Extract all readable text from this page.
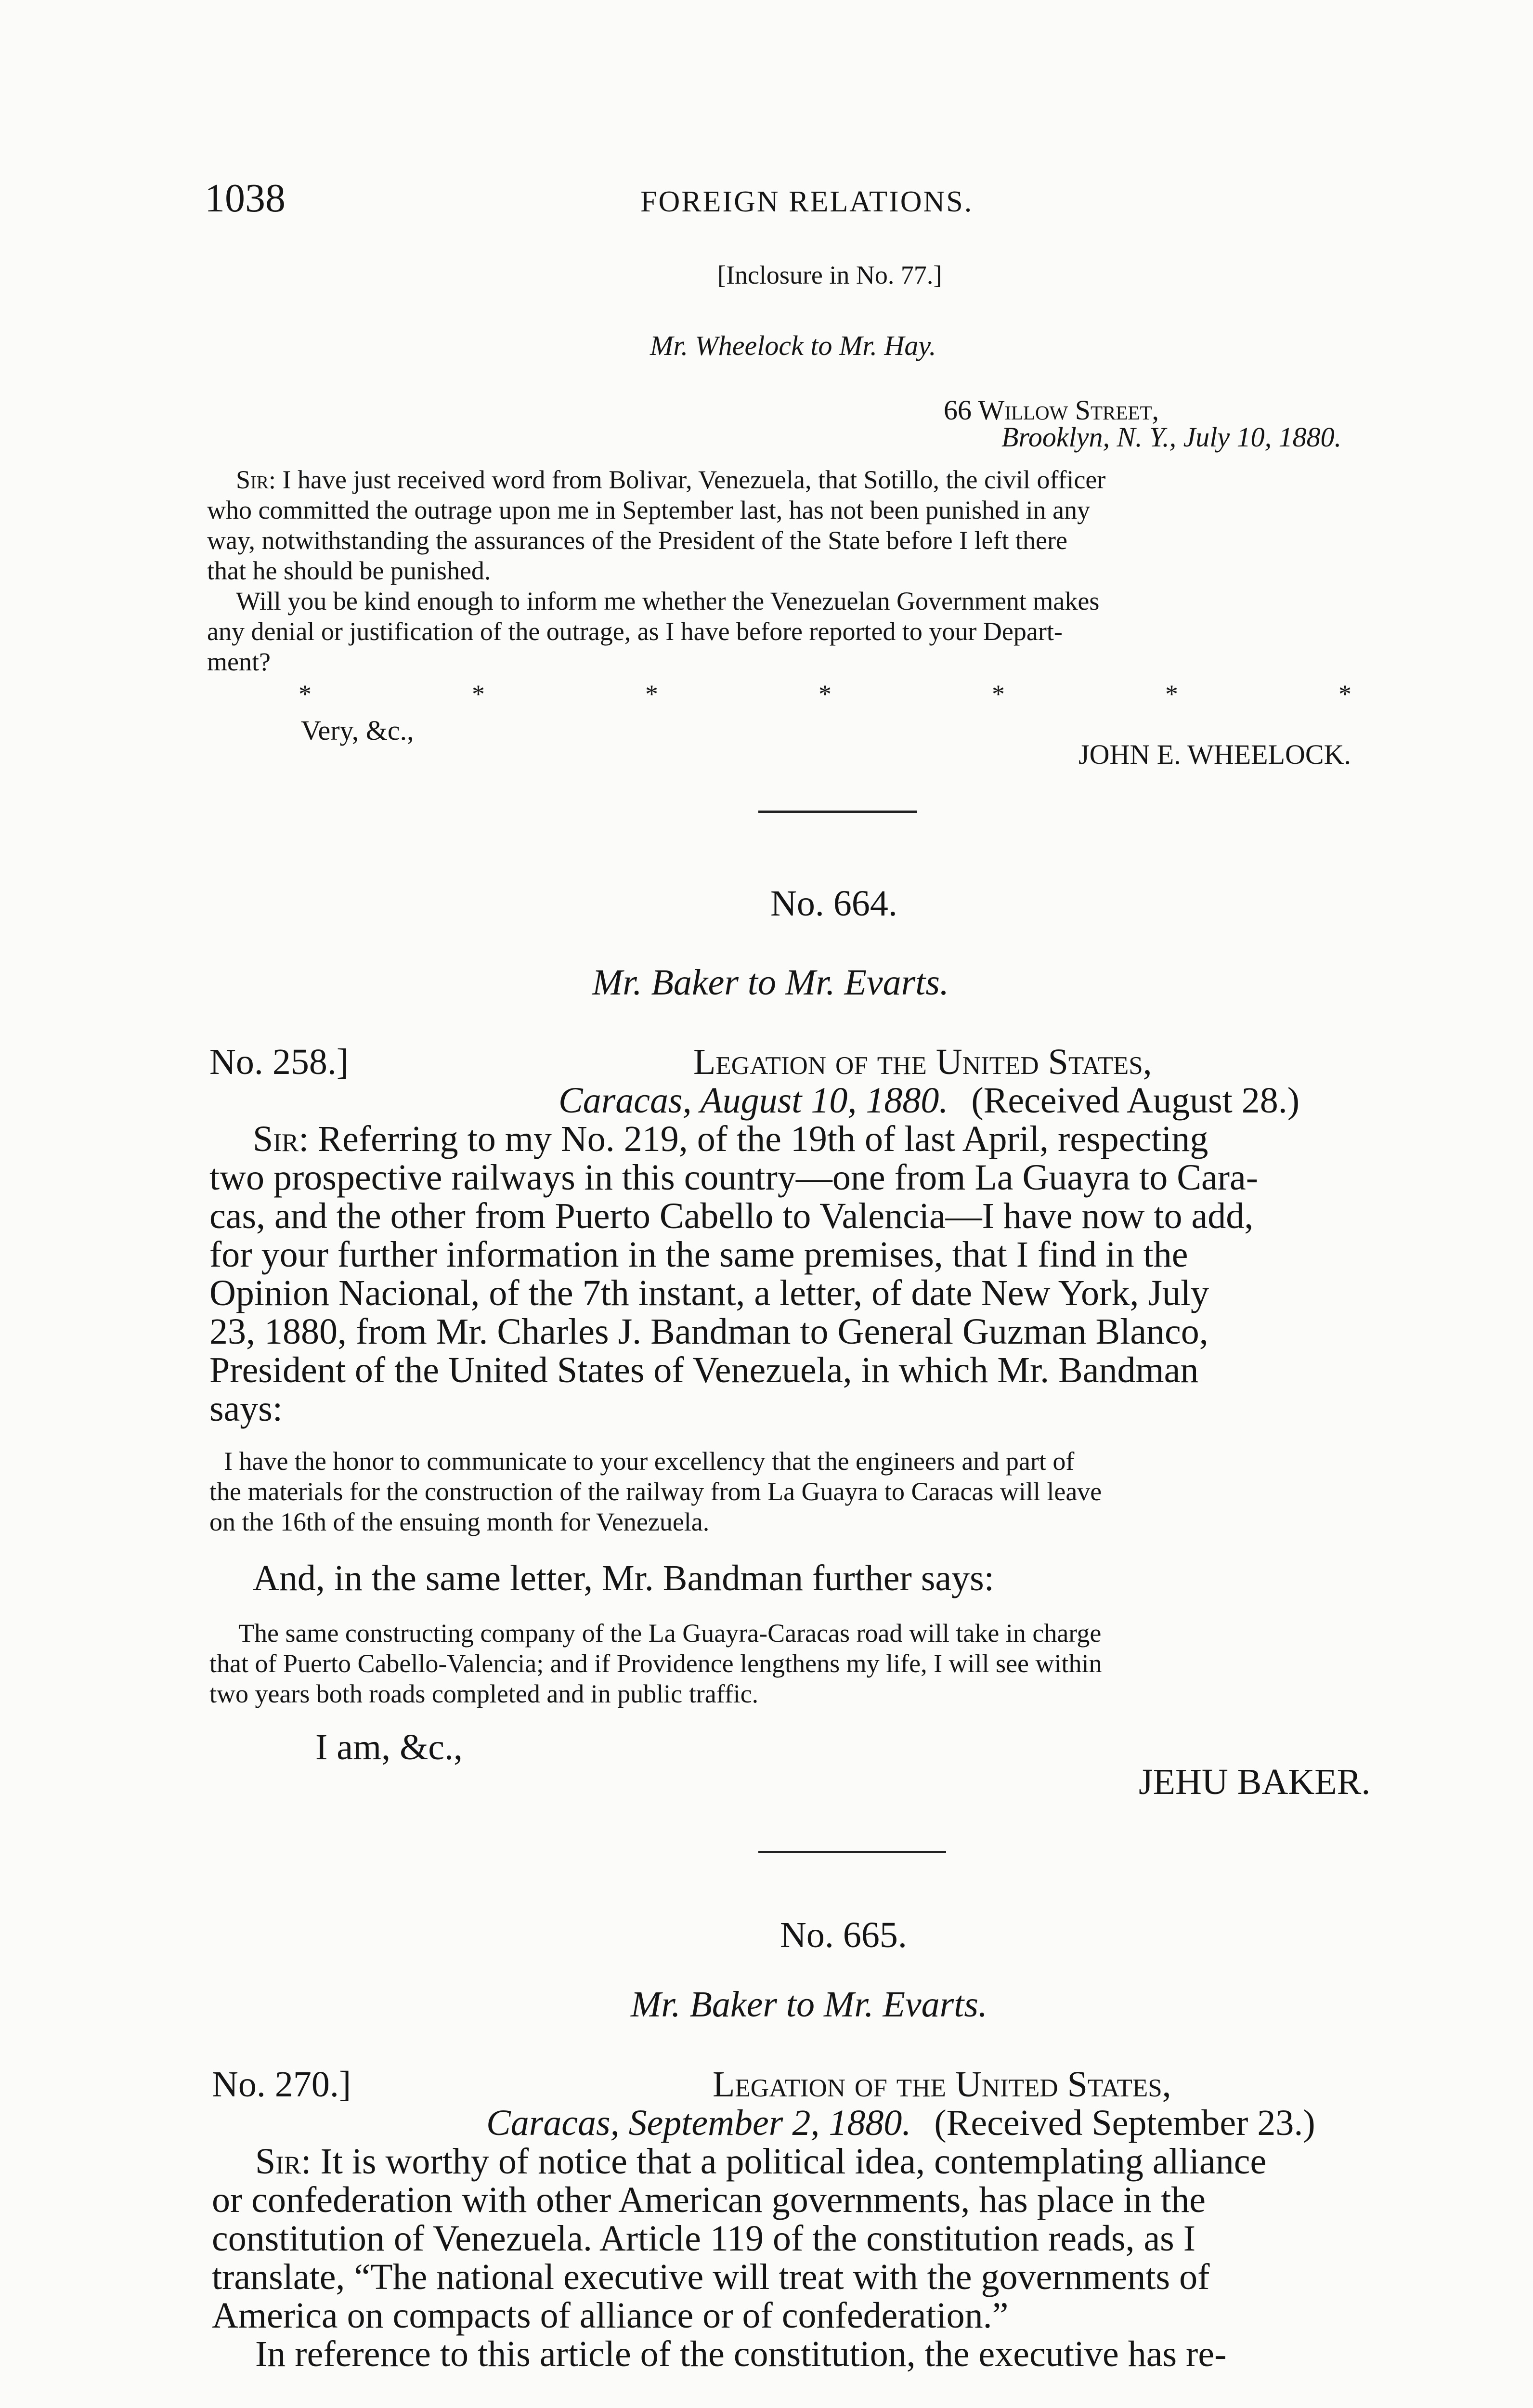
1038	FOREIGN RELATIONS.
[Inclosure in No. 77.]
Mr. Wheelock to Mr. Hay.
66 Willow Street,
Brooklyn, N. Y., July 10, 1880.
Sir: I have just received word from Bolivar, Venezuela, that Sotillo, the civil officer
who committed the outrage upon me in September last, has not been punished in any
way, notwithstanding the assurances of the President of the State before I left there
that he should be punished.
Will you be kind enough to inform me whether the Venezuelan Government makes
any denial or justification of the outrage, as I have before reported to your Depart-
ment?
*	*	*	*	*	*	*
Very, &c.,
JOHN E. WHEELOCK.
No. 664.
Mr. Baker to Mr. Evarts.
No. 258.]	Legation of the United States,
Caracas, August 10, 1880. (Received August 28.)
Sir: Referring to my No. 219, of the 19th of last April, respecting
two prospective railways in this country—one from La Guayra to Cara-
cas, and the other from Puerto Cabello to Valencia—I have now to add,
for your further information in the same premises, that I find in the
Opinion Nacional, of the 7th instant, a letter, of date New York, July
23, 1880, from Mr. Charles J. Bandman to General Guzman Blanco,
President of the United States of Venezuela, in which Mr. Bandman
says:
I have the honor to communicate to your excellency that the engineers and part of
the materials for the construction of the railway from La Guayra to Caracas will leave
on the 16th of the ensuing month for Venezuela.
And, in the same letter, Mr. Bandman further says:
The same constructing company of the La Guayra-Caracas road will take in charge
that of Puerto Cabello-Valencia; and if Providence lengthens my life, I will see within
two years both roads completed and in public traffic.
I am, &c.,
JEHU BAKER.
No. 665.
Mr. Baker to Mr. Evarts.
No. 270.]	Legation of the United States,
Caracas, September 2, 1880. (Received September 23.)
Sir: It is worthy of notice that a political idea, contemplating alliance
or confederation with other American governments, has place in the
constitution of Venezuela. Article 119 of the constitution reads, as I
translate, “The national executive will treat with the governments of
America on compacts of alliance or of confederation.”
In reference to this article of the constitution, the executive has re-
